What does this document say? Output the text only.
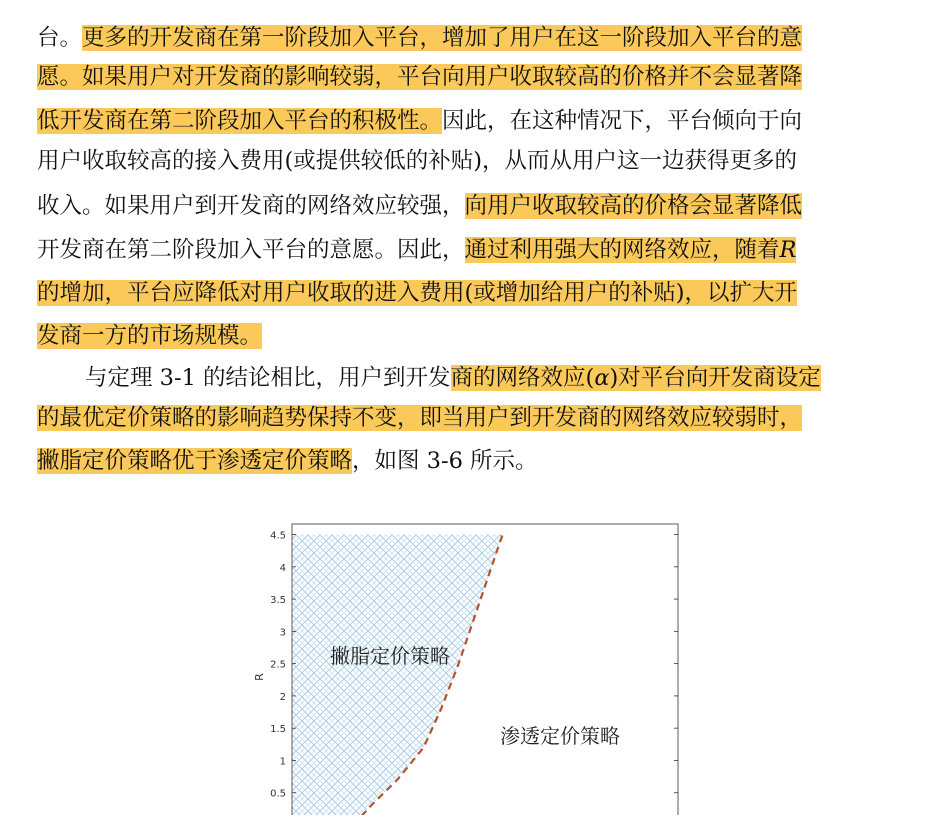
台。更多的开发商在第一阶段加入平台，增加了用户在这一阶段加入平台的意
愿。如果用户对开发商的影响较弱，平台向用户收取较高的价格并不会显著降
低开发商在第二阶段加入平台的积极性。因此，在这种情况下，平台倾向于向
用户收取较高的接入费用(或提供较低的补贴)，从而从用户这一边获得更多的
收入。如果用户到开发商的网络效应较强，向用户收取较高的价格会显著降低
开发商在第二阶段加入平台的意愿。因此，通过利用强大的网络效应，随着R
的增加，平台应降低对用户收取的进入费用(或增加给用户的补贴)，以扩大开
发商一方的市场规模。
与定理 3-1 的结论相比，用户到开发商的网络效应(α)对平台向开发商设定
的最优定价策略的影响趋势保持不变，即当用户到开发商的网络效应较弱时，
撇脂定价策略优于渗透定价策略，如图 3-6 所示。
0.5
1
1.5
2
2.5
3
3.5
4
4.5
R
撇脂定价策略
渗透定价策略
